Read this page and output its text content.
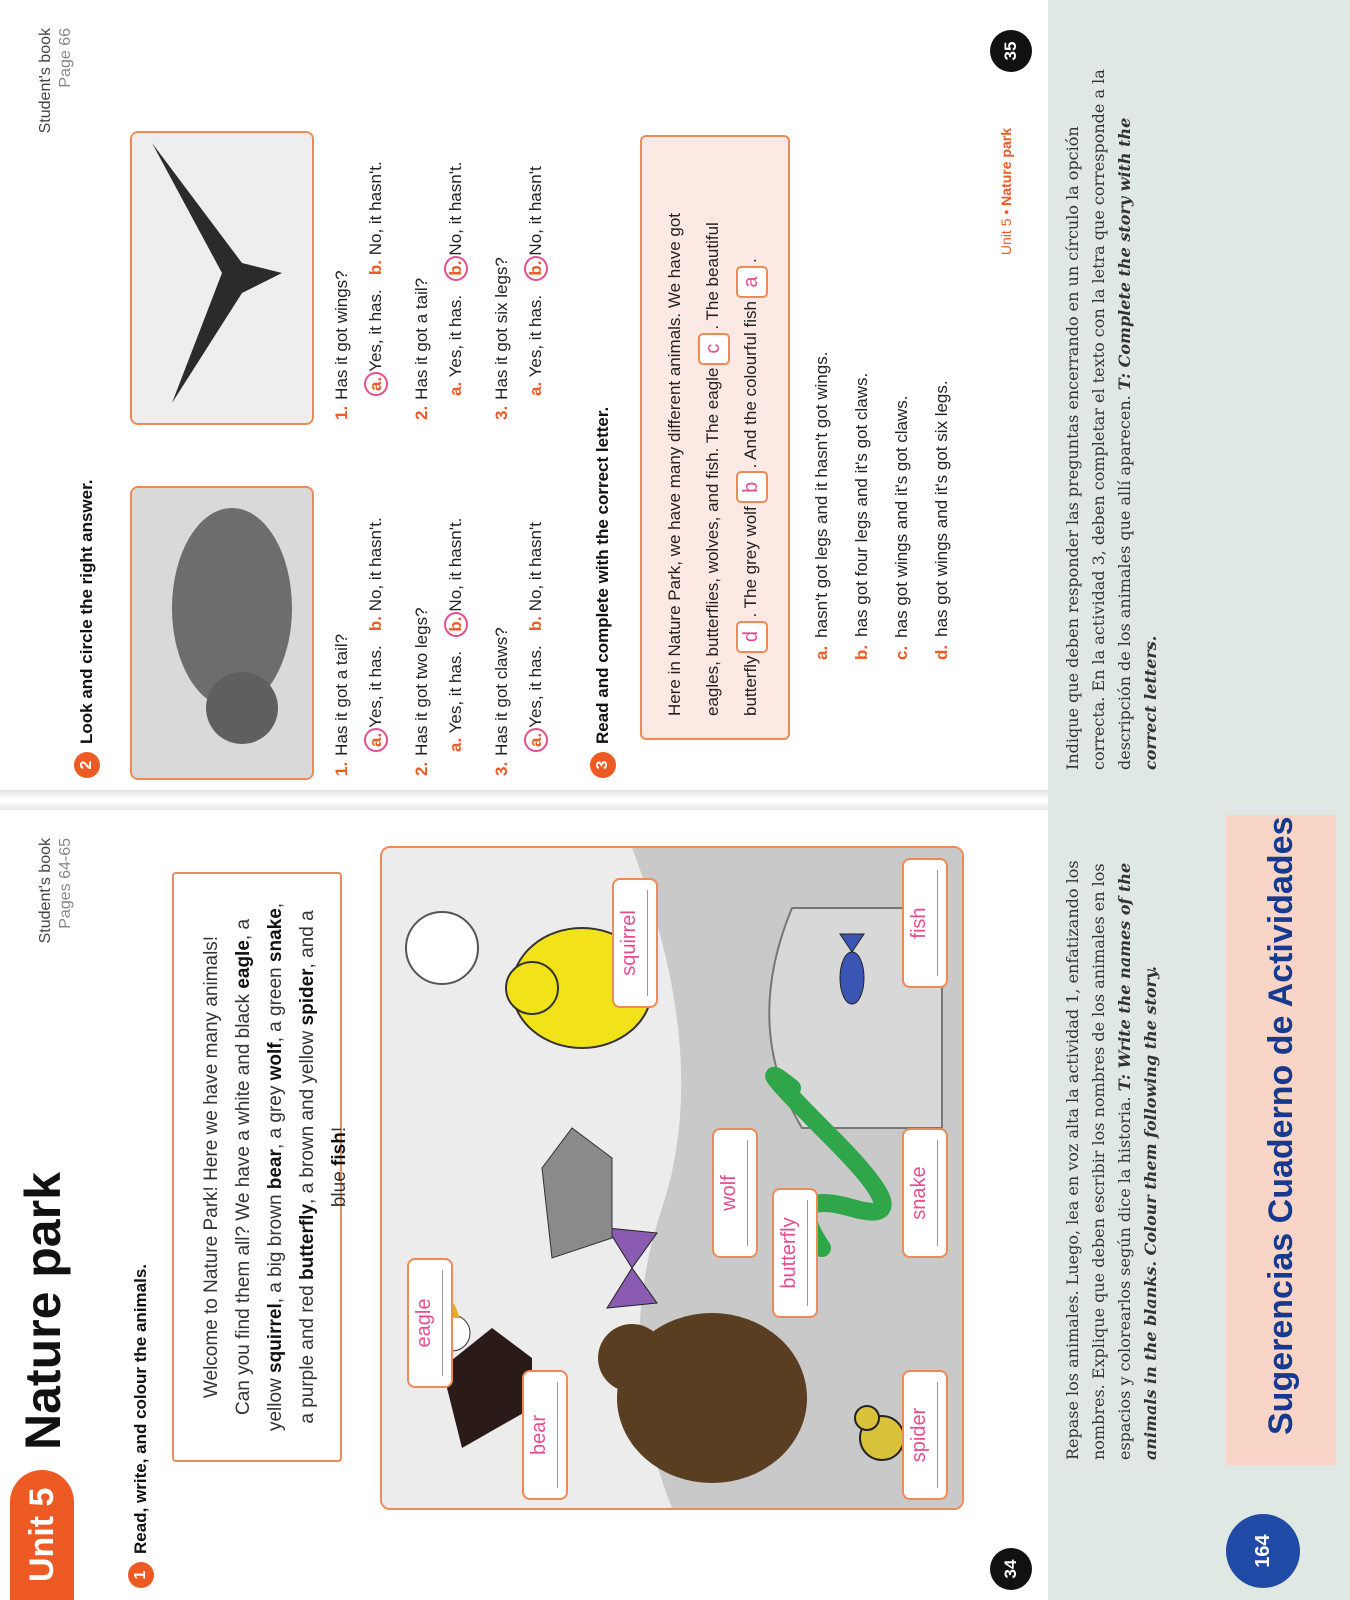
Unit 5
Nature park
Student's book Pages 64-65
1
Read, write, and colour the animals.
Welcome to Nature Park! Here we have many animals! Can you find them all? We have a white and black eagle, a
yellow squirrel, a big brown bear, a grey wolf, a green snake,
a purple and red butterfly, a brown and yellow spider, and a
blue fish!
bear
eagle
spider
butterfly
wolf	snake
squirrel	fish
34
Student's book Page 66
2
Look and circle the right answer.
1.Has it got a tail? a.Yes, it has.   b. No, it hasn't.
2.Has it got two legs? a. Yes, it has.   b.No, it hasn't.
3.Has it got claws? a.Yes, it has.   b. No, it hasn't
1.Has it got wings? a.Yes, it has.   b. No, it hasn't.
2.Has it got a tail? a. Yes, it has.   b.No, it hasn't.
3.Has it got six legs? a. Yes, it has.   b.No, it hasn't
3
Read and complete with the correct letter.	Here in Nature Park, we have many different animals. We have got	eagles, butterflies, wolves, and fish. The eaglec. The beautiful
butterflyd. The grey wolfb. And the colourful fisha.
a.hasn't got legs and it hasn't got wings.
b.has got four legs and it's got claws.
c.has got wings and it's got claws.
d.has got wings and it's got six legs.
Unit 5 • Nature park
35
Repase los animales. Luego, lea en voz alta la actividad 1, enfatizando los nombres. Explique que deben escribir los nombres de los animales en los espacios y colorearlos según dice la historia. T: Write the names of the animals in the blanks. Colour them following the story.
Indique que deben responder las preguntas encerrando en un círculo la opción correcta. En la actividad 3, deben completar el texto con la letra que corresponde a la descripción de los animales que allí aparecen. T: Complete the story with the correct letters.
164
Sugerencias Cuaderno de Actividades
